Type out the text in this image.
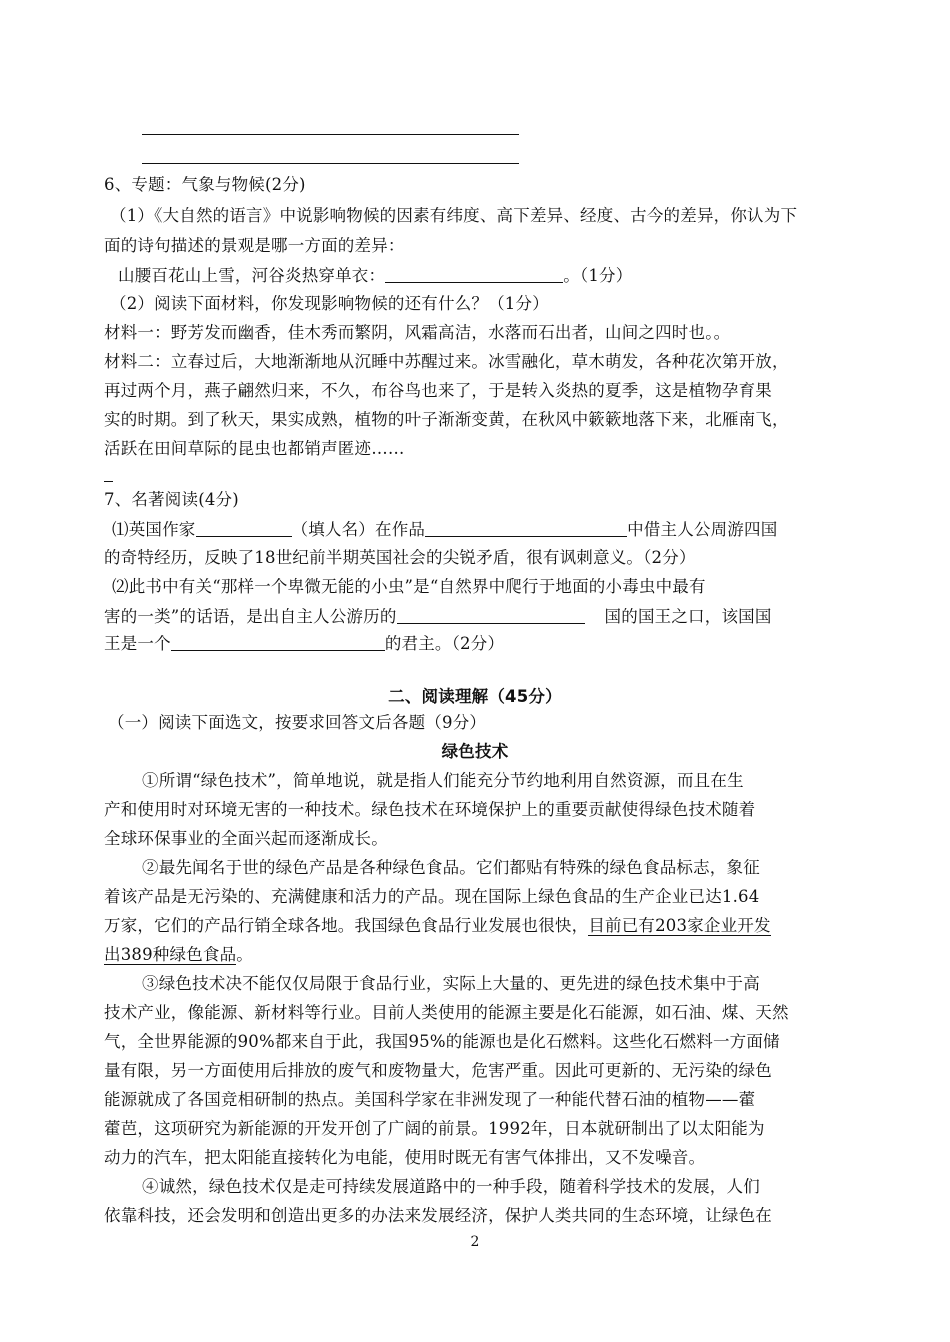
6、专题：气象与物候(2分)
（1）《大自然的语言》中说影响物候的因素有纬度、高下差异、经度、古今的差异，你认为下
面的诗句描述的景观是哪一方面的差异：
山腰百花山上雪，河谷炎热穿单衣：	。（1分）
（2）阅读下面材料，你发现影响物候的还有什么？（1分）
材料一：野芳发而幽香，佳木秀而繁阴，风霜高洁，水落而石出者，山间之四时也。。
材料二：立春过后，大地渐渐地从沉睡中苏醒过来。冰雪融化，草木萌发，各种花次第开放，
再过两个月，燕子翩然归来，不久，布谷鸟也来了，于是转入炎热的夏季，这是植物孕育果
实的时期。到了秋天，果实成熟，植物的叶子渐渐变黄，在秋风中簌簌地落下来，北雁南飞，
活跃在田间草际的昆虫也都销声匿迹……
7、名著阅读(4分)
⑴英国作家	（填人名）在作品	中借主人公周游四国
的奇特经历，反映了18世纪前半期英国社会的尖锐矛盾，很有讽刺意义。（2分）
⑵此书中有关“那样一个卑微无能的小虫”是“自然界中爬行于地面的小毒虫中最有
害的一类”的话语，是出自主人公游历的	国的国王之口，该国国
王是一个	的君主。（2分）
二、阅读理解（45分）
（一）阅读下面选文，按要求回答文后各题（9分）
绿色技术
①所谓“绿色技术”，简单地说，就是指人们能充分节约地利用自然资源，而且在生
产和使用时对环境无害的一种技术。绿色技术在环境保护上的重要贡献使得绿色技术随着
全球环保事业的全面兴起而逐渐成长。
②最先闻名于世的绿色产品是各种绿色食品。它们都贴有特殊的绿色食品标志，象征
着该产品是无污染的、充满健康和活力的产品。现在国际上绿色食品的生产企业已达1.64
万家，它们的产品行销全球各地。我国绿色食品行业发展也很快，目前已有203家企业开发
出389种绿色食品。
③绿色技术决不能仅仅局限于食品行业，实际上大量的、更先进的绿色技术集中于高
技术产业，像能源、新材料等行业。目前人类使用的能源主要是化石能源，如石油、煤、天然
气，全世界能源的90%都来自于此，我国95%的能源也是化石燃料。这些化石燃料一方面储
量有限，另一方面使用后排放的废气和废物量大，危害严重。因此可更新的、无污染的绿色
能源就成了各国竞相研制的热点。美国科学家在非洲发现了一种能代替石油的植物——藿
藿芭，这项研究为新能源的开发开创了广阔的前景。1992年，日本就研制出了以太阳能为
动力的汽车，把太阳能直接转化为电能，使用时既无有害气体排出，又不发噪音。
④诚然，绿色技术仅是走可持续发展道路中的一种手段，随着科学技术的发展，人们
依靠科技，还会发明和创造出更多的办法来发展经济，保护人类共同的生态环境，让绿色在
2
